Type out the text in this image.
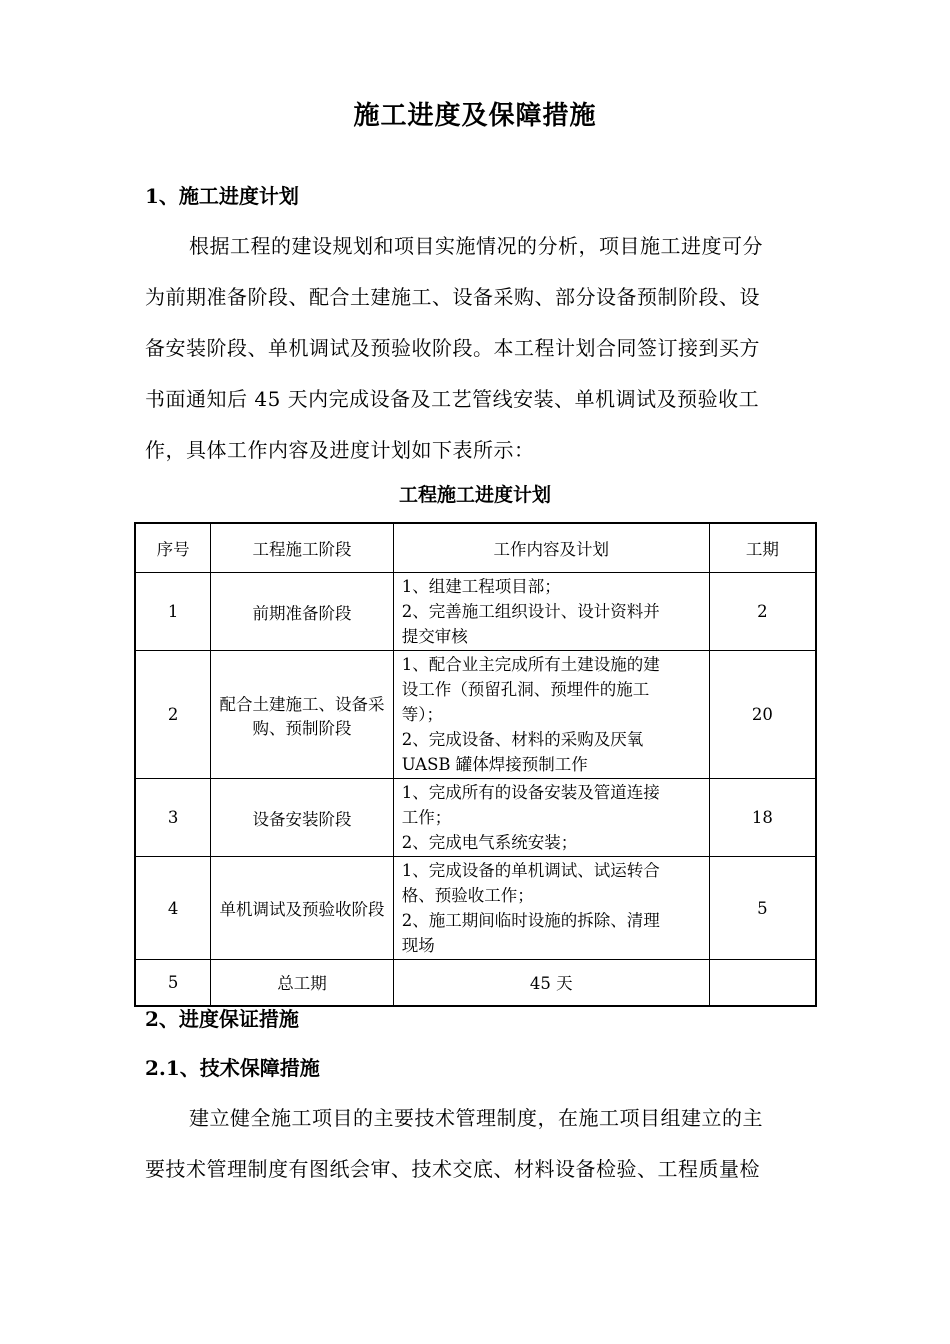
施工进度及保障措施
1、施工进度计划
根据工程的建设规划和项目实施情况的分析，项目施工进度可分
为前期准备阶段、配合土建施工、设备采购、部分设备预制阶段、设
备安装阶段、单机调试及预验收阶段。本工程计划合同签订接到买方
书面通知后 45 天内完成设备及工艺管线安装、单机调试及预验收工
作，具体工作内容及进度计划如下表所示：
工程施工进度计划
序号	工程施工阶段	工作内容及计划	工期
1	前期准备阶段	1、组建工程项目部；
2、完善施工组织设计、设计资料并
提交审核	2
2	配合土建施工、设备采购、预制阶段	1、配合业主完成所有土建设施的建
设工作（预留孔洞、预埋件的施工
等）；
2、完成设备、材料的采购及厌氧
UASB 罐体焊接预制工作	20
3	设备安装阶段	1、完成所有的设备安装及管道连接
工作；
2、完成电气系统安装；	18
4	单机调试及预验收阶段	1、完成设备的单机调试、试运转合
格、预验收工作；
2、施工期间临时设施的拆除、清理
现场	5
5	总工期	45 天	
2、进度保证措施
2.1、技术保障措施
建立健全施工项目的主要技术管理制度，在施工项目组建立的主
要技术管理制度有图纸会审、技术交底、材料设备检验、工程质量检
